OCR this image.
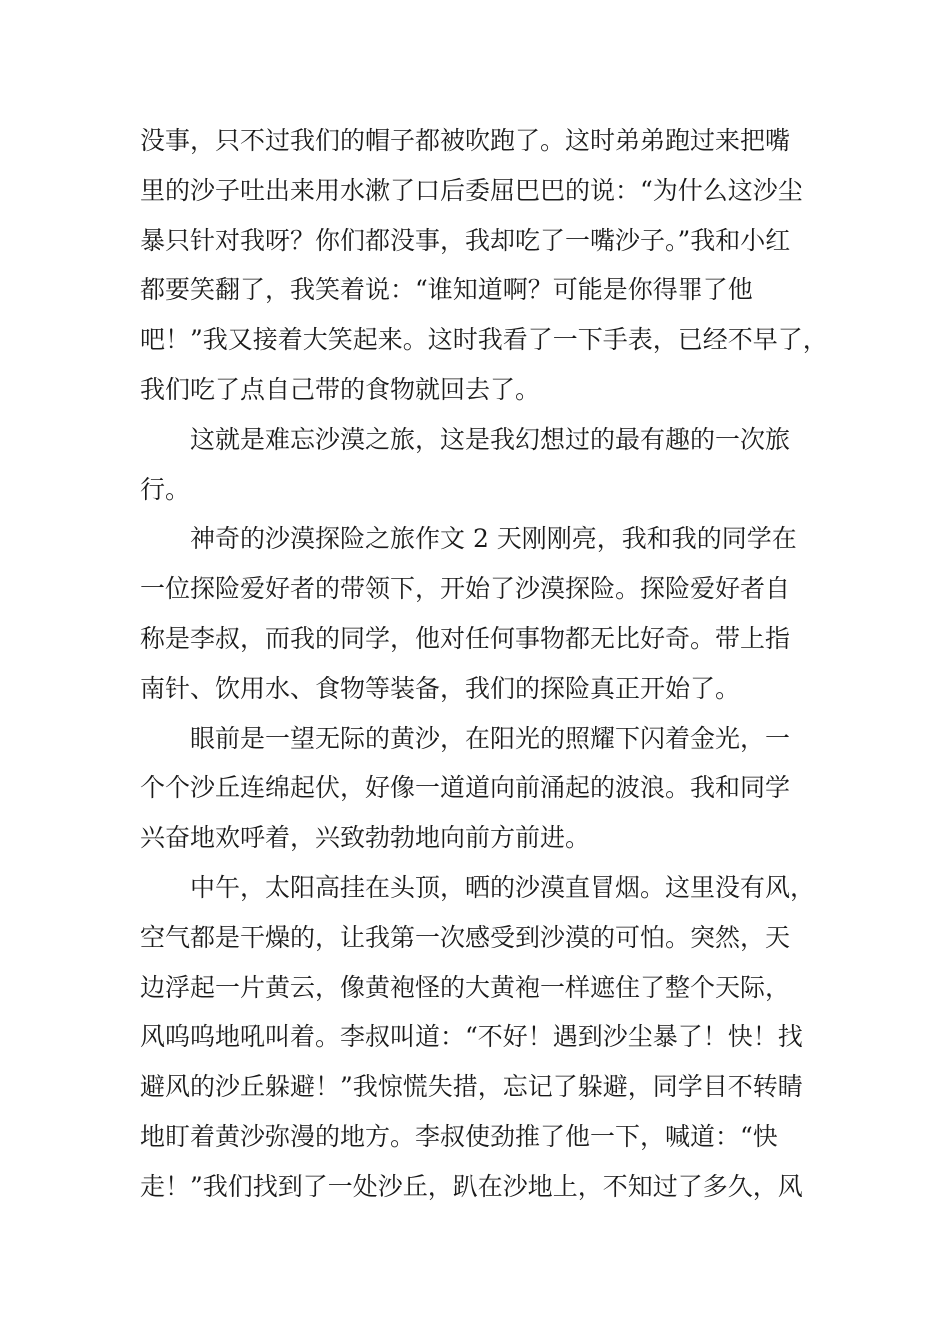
没事，只不过我们的帽子都被吹跑了。这时弟弟跑过来把嘴
里的沙子吐出来用水漱了口后委屈巴巴的说：“为什么这沙尘
暴只针对我呀？你们都没事，我却吃了一嘴沙子。”我和小红
都要笑翻了，我笑着说：“谁知道啊？可能是你得罪了他
吧！”我又接着大笑起来。这时我看了一下手表，已经不早了，
我们吃了点自己带的食物就回去了。
这就是难忘沙漠之旅，这是我幻想过的最有趣的一次旅
行。
神奇的沙漠探险之旅作文 2 天刚刚亮，我和我的同学在
一位探险爱好者的带领下，开始了沙漠探险。探险爱好者自
称是李叔，而我的同学，他对任何事物都无比好奇。带上指
南针、饮用水、食物等装备，我们的探险真正开始了。
眼前是一望无际的黄沙，在阳光的照耀下闪着金光，一
个个沙丘连绵起伏，好像一道道向前涌起的波浪。我和同学
兴奋地欢呼着，兴致勃勃地向前方前进。
中午，太阳高挂在头顶，晒的沙漠直冒烟。这里没有风，
空气都是干燥的，让我第一次感受到沙漠的可怕。突然，天
边浮起一片黄云，像黄袍怪的大黄袍一样遮住了整个天际，
风呜呜地吼叫着。李叔叫道：“不好！遇到沙尘暴了！快！找
避风的沙丘躲避！”我惊慌失措，忘记了躲避，同学目不转睛
地盯着黄沙弥漫的地方。李叔使劲推了他一下，喊道：“快
走！”我们找到了一处沙丘，趴在沙地上，不知过了多久，风
